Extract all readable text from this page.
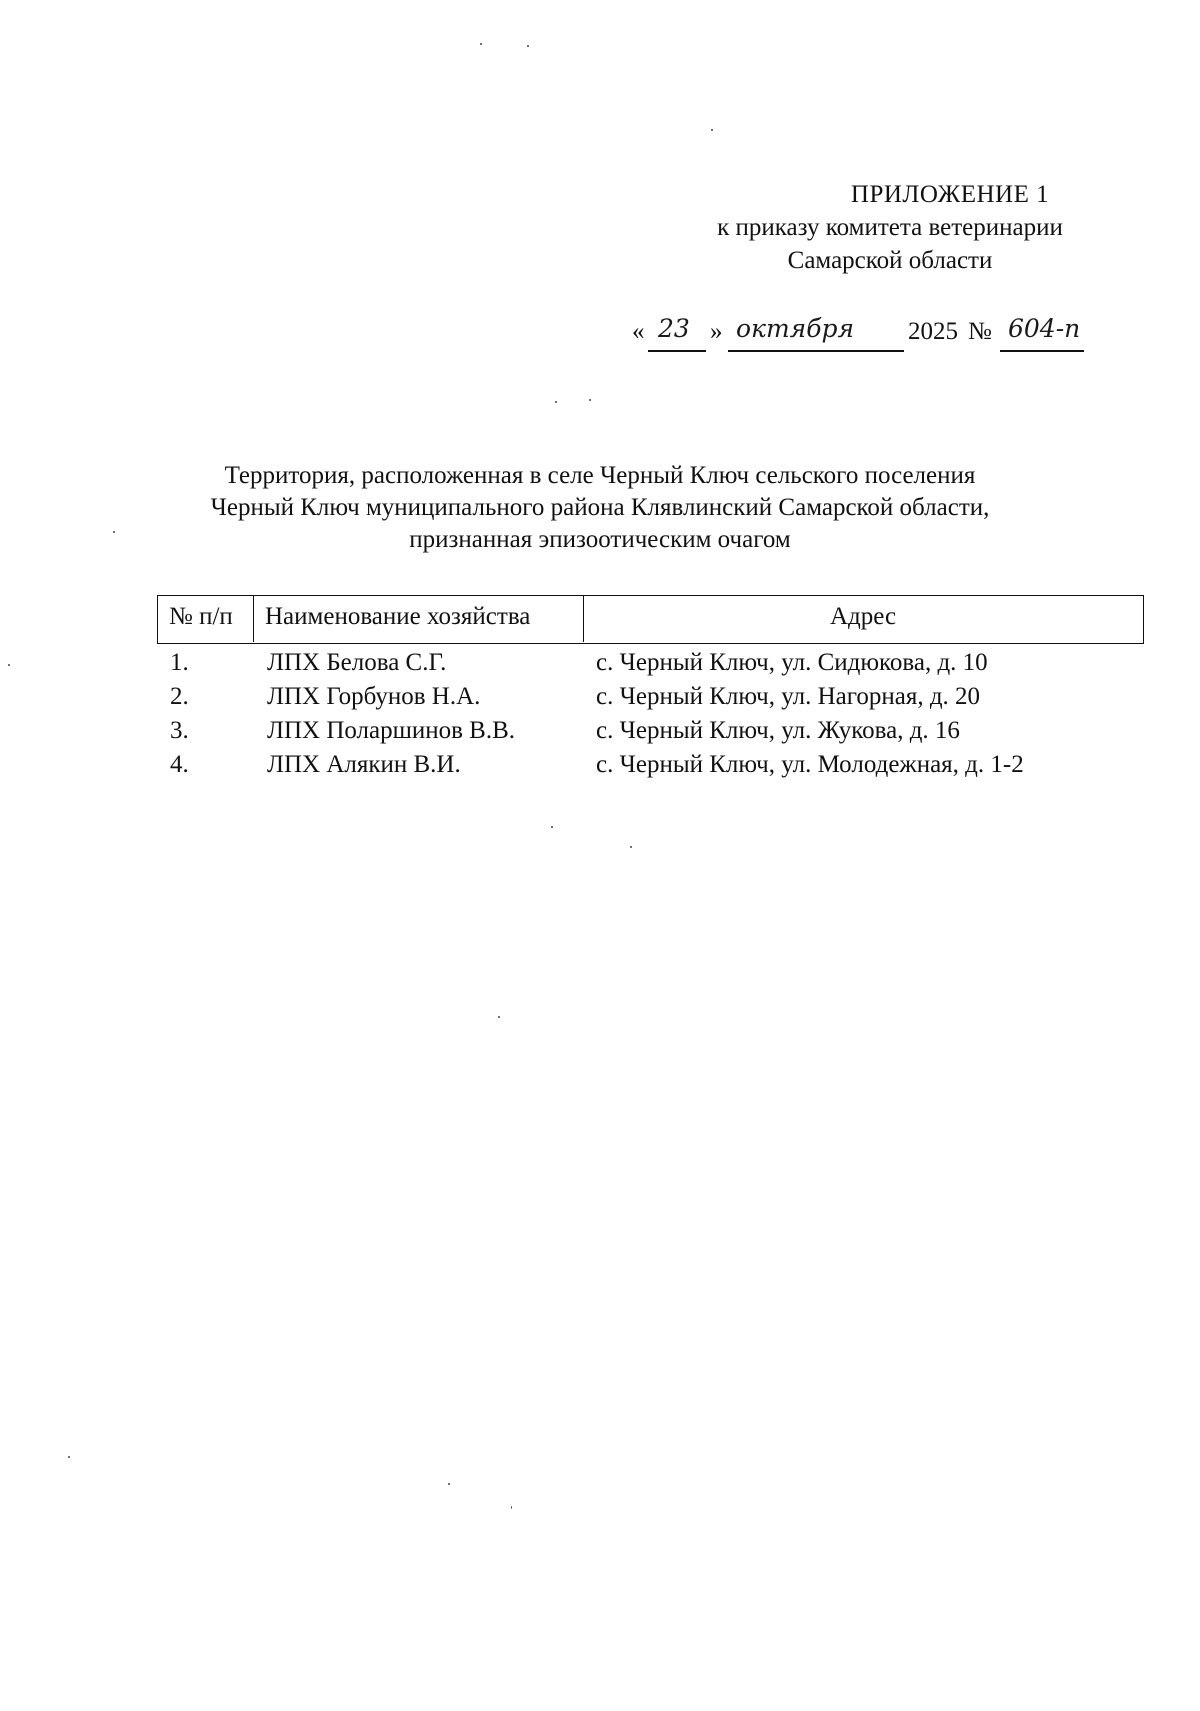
ПРИЛОЖЕНИЕ 1
к приказу комитета ветеринарии
Самарской области
« 23 » октября 2025 № 604-п
Территория, расположенная в селе Черный Ключ сельского поселения
Черный Ключ муниципального района Клявлинский Самарской области,
признанная эпизоотическим очагом
№ п/п	Наименование хозяйства	Адрес
1.	ЛПХ Белова С.Г.	с. Черный Ключ, ул. Сидюкова, д. 10
2.	ЛПХ Горбунов Н.А.	с. Черный Ключ, ул. Нагорная, д. 20
3.	ЛПХ Поларшинов В.В.	с. Черный Ключ, ул. Жукова, д. 16
4.	ЛПХ Алякин В.И.	с. Черный Ключ, ул. Молодежная, д. 1-2
